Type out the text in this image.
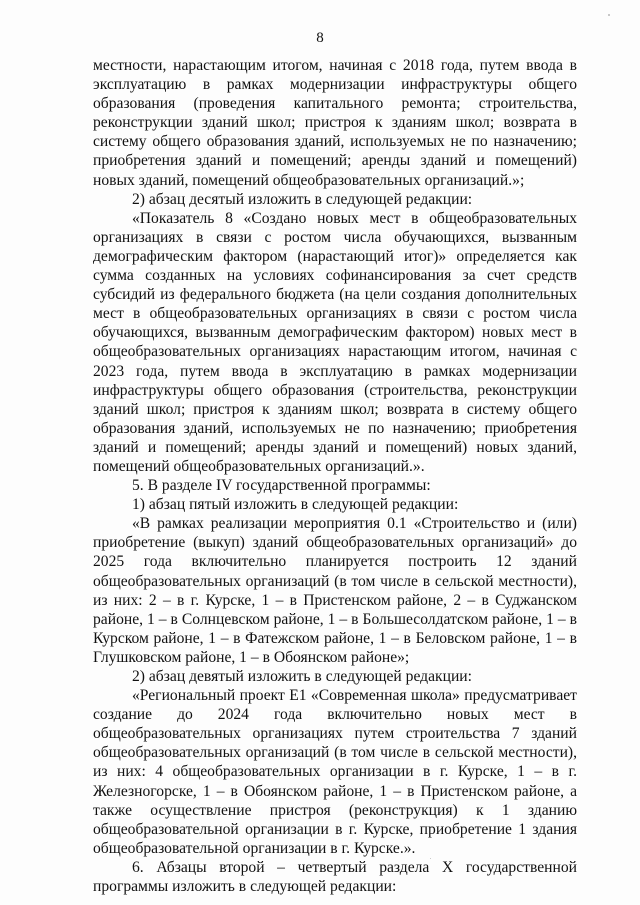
8

местности, нарастающим итогом, начиная с 2018 года, путем ввода в эксплуатацию в рамках модернизации инфраструктуры общего образования (проведения капитального ремонта; строительства, реконструкции зданий школ; пристроя к зданиям школ; возврата в систему общего образования зданий, используемых не по назначению; приобретения зданий и помещений; аренды зданий и помещений) новых зданий, помещений общеобразовательных организаций.»;

2) абзац десятый изложить в следующей редакции:

«Показатель 8 «Создано новых мест в общеобразовательных организациях в связи с ростом числа обучающихся, вызванным демографическим фактором (нарастающий итог)» определяется как сумма созданных на условиях софинансирования за счет средств субсидий из федерального бюджета (на цели создания дополнительных мест в общеобразовательных организациях в связи с ростом числа обучающихся, вызванным демографическим фактором) новых мест в общеобразовательных организациях нарастающим итогом, начиная с 2023 года, путем ввода в эксплуатацию в рамках модернизации инфраструктуры общего образования (строительства, реконструкции зданий школ; пристроя к зданиям школ; возврата в систему общего образования зданий, используемых не по назначению; приобретения зданий и помещений; аренды зданий и помещений) новых зданий, помещений общеобразовательных организаций.».

5. В разделе IV государственной программы:

1) абзац пятый изложить в следующей редакции:

«В рамках реализации мероприятия 0.1 «Строительство и (или) приобретение (выкуп) зданий общеобразовательных организаций» до 2025 года включительно планируется построить 12 зданий общеобразовательных организаций (в том числе в сельской местности), из них: 2 – в г. Курске, 1 – в Пристенском районе, 2 – в Суджанском районе, 1 – в Солнцевском районе, 1 – в Большесолдатском районе, 1 – в Курском районе, 1 – в Фатежском районе, 1 – в Беловском районе, 1 – в Глушковском районе, 1 – в Обоянском районе»;

2) абзац девятый изложить в следующей редакции:

«Региональный проект E1 «Современная школа» предусматривает создание до 2024 года включительно новых мест в общеобразовательных организациях путем строительства 7 зданий общеобразовательных организаций (в том числе в сельской местности), из них: 4 общеобразовательных организации в г. Курске, 1 – в г. Железногорске, 1 – в Обоянском районе, 1 – в Пристенском районе, а также осуществление пристроя (реконструкция) к 1 зданию общеобразовательной организации в г. Курске, приобретение 1 здания общеобразовательной организации в г. Курске.».

6. Абзацы второй – четвертый раздела X государственной программы изложить в следующей редакции:
